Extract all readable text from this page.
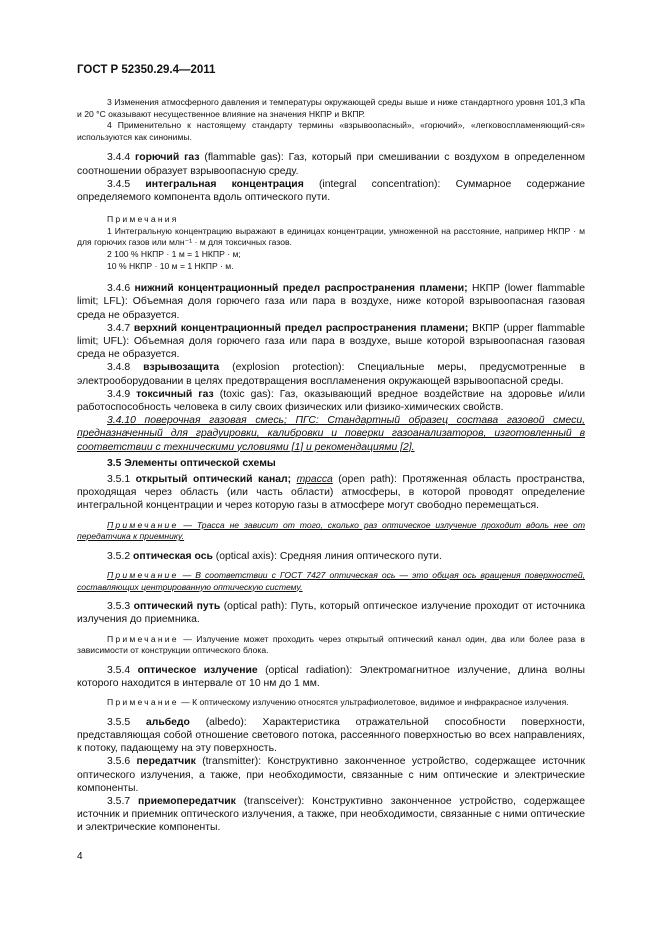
ГОСТ Р 52350.29.4—2011

3 Изменения атмосферного давления и температуры окружающей среды выше и ниже стандартного уровня 101,3 кПа и 20 °С оказывают несущественное влияние на значения НКПР и ВКПР.

4 Применительно к настоящему стандарту термины «взрывоопасный», «горючий», «легковоспламеняющий-ся» используются как синонимы.

3.4.4 горючий газ (flammable gas): Газ, который при смешивании с воздухом в определенном соотношении образует взрывоопасную среду.

3.4.5 интегральная концентрация (integral concentration): Суммарное содержание определяемого компонента вдоль оптического пути.

Примечания

1 Интегральную концентрацию выражают в единицах концентрации, умноженной на расстояние, например НКПР · м для горючих газов или млн⁻¹ · м для токсичных газов.

2 100 % НКПР · 1 м = 1 НКПР · м;

10 % НКПР · 10 м = 1 НКПР · м.

3.4.6 нижний концентрационный предел распространения пламени; НКПР (lower flammable limit; LFL): Объемная доля горючего газа или пара в воздухе, ниже которой взрывоопасная газовая среда не образуется.

3.4.7 верхний концентрационный предел распространения пламени; ВКПР (upper flammable limit; UFL): Объемная доля горючего газа или пара в воздухе, выше которой взрывоопасная газовая среда не образуется.

3.4.8 взрывозащита (explosion protection): Специальные меры, предусмотренные в электрооборудовании в целях предотвращения воспламенения окружающей взрывоопасной среды.

3.4.9 токсичный газ (toxic gas): Газ, оказывающий вредное воздействие на здоровье и/или работоспособность человека в силу своих физических или физико-химических свойств.

3.4.10 поверочная газовая смесь; ПГС: Стандартный образец состава газовой смеси, предназначенный для градуировки, калибровки и поверки газоанализаторов, изготовленный в соответствии с техническими условиями [1] и рекомендациями [2].

3.5 Элементы оптической схемы

3.5.1 открытый оптический канал; трасса (open path): Протяженная область пространства, проходящая через область (или часть области) атмосферы, в которой проводят определение интегральной концентрации и через которую газы в атмосфере могут свободно перемещаться.

Примечание — Трасса не зависит от того, сколько раз оптическое излучение проходит вдоль нее от передатчика к приемнику.

3.5.2 оптическая ось (optical axis): Средняя линия оптического пути.

Примечание — В соответствии с ГОСТ 7427 оптическая ось — это общая ось вращения поверхностей, составляющих центрированную оптическую систему.

3.5.3 оптический путь (optical path): Путь, который оптическое излучение проходит от источника излучения до приемника.

Примечание — Излучение может проходить через открытый оптический канал один, два или более раза в зависимости от конструкции оптического блока.

3.5.4 оптическое излучение (optical radiation): Электромагнитное излучение, длина волны которого находится в интервале от 10 нм до 1 мм.

Примечание — К оптическому излучению относятся ультрафиолетовое, видимое и инфракрасное излучения.

3.5.5 альбедо (albedo): Характеристика отражательной способности поверхности, представляющая собой отношение светового потока, рассеянного поверхностью во всех направлениях, к потоку, падающему на эту поверхность.

3.5.6 передатчик (transmitter): Конструктивно законченное устройство, содержащее источник оптического излучения, а также, при необходимости, связанные с ним оптические и электрические компоненты.

3.5.7 приемопередатчик (transceiver): Конструктивно законченное устройство, содержащее источник и приемник оптического излучения, а также, при необходимости, связанные с ними оптические и электрические компоненты.

4
